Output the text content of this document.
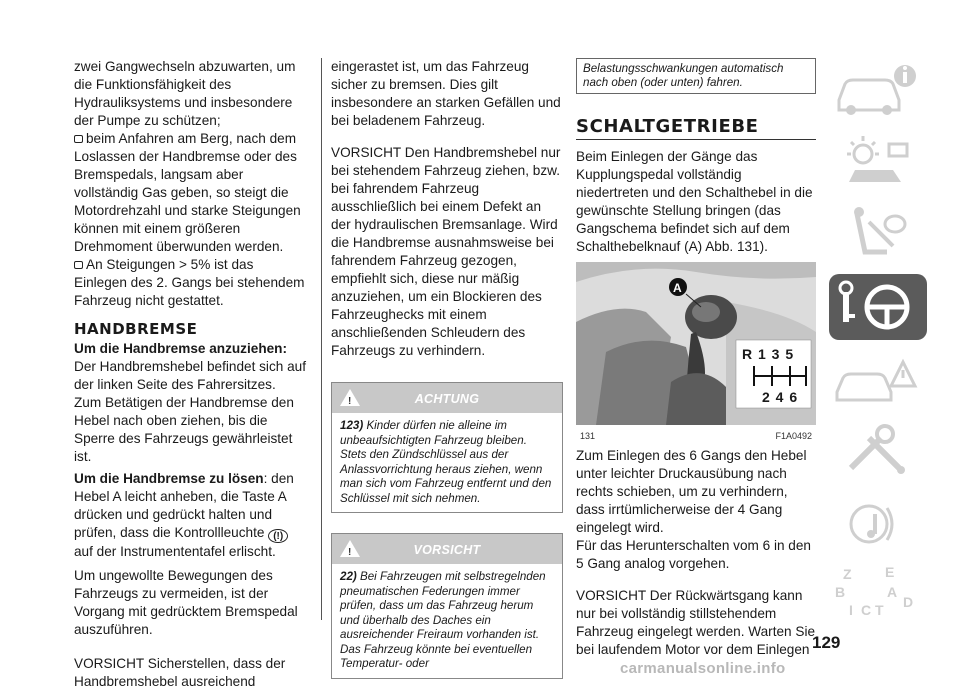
zwei Gangwechseln abzuwarten, um die Funktionsfähigkeit des Hydrauliksystems und insbesondere der Pumpe zu schützen;

beim Anfahren am Berg, nach dem Loslassen der Handbremse oder des Bremspedals, langsam aber vollständig Gas geben, so steigt die Motordrehzahl und starke Steigungen können mit einem größeren Drehmoment überwunden werden.

An Steigungen > 5% ist das Einlegen des 2. Gangs bei stehendem Fahrzeug nicht gestattet.

HANDBREMSE

Um die Handbremse anzuziehen:

Der Handbremshebel befindet sich auf der linken Seite des Fahrersitzes. Zum Betätigen der Handbremse den Hebel nach oben ziehen, bis die Sperre des Fahrzeugs gewährleistet ist.

Um die Handbremse zu lösen: den Hebel A leicht anheben, die Taste A drücken und gedrückt halten und prüfen, dass die Kontrollleuchte (!) auf der Instrumententafel erlischt.

Um ungewollte Bewegungen des Fahrzeugs zu vermeiden, ist der Vorgang mit gedrücktem Bremspedal auszuführen.

VORSICHT Sicherstellen, dass der Handbremshebel ausreichend

eingerastet ist, um das Fahrzeug sicher zu bremsen. Dies gilt insbesondere an starken Gefällen und bei beladenem Fahrzeug.

VORSICHT Den Handbremshebel nur bei stehendem Fahrzeug ziehen, bzw. bei fahrendem Fahrzeug ausschließlich bei einem Defekt an der hydraulischen Bremsanlage. Wird die Handbremse ausnahmsweise bei fahrendem Fahrzeug gezogen, empfiehlt sich, diese nur mäßig anzuziehen, um ein Blockieren des Fahrzeughecks mit einem anschließenden Schleudern des Fahrzeugs zu verhindern.

!	ACHTUNG
123) Kinder dürfen nie alleine im unbeaufsichtigten Fahrzeug bleiben. Stets den Zündschlüssel aus der Anlassvorrichtung heraus ziehen, wenn man sich vom Fahrzeug entfernt und den Schlüssel mit sich nehmen.
!	VORSICHT
22) Bei Fahrzeugen mit selbstregelnden pneumatischen Federungen immer prüfen, dass um das Fahrzeug herum und überhalb des Daches ein ausreichender Freiraum vorhanden ist. Das Fahrzeug könnte bei eventuellen Temperatur- oder
Belastungsschwankungen automatisch nach oben (oder unten) fahren.
SCHALTGETRIEBE

Beim Einlegen der Gänge das Kupplungspedal vollständig niedertreten und den Schalthebel in die gewünschte Stellung bringen (das Gangschema befindet sich auf dem Schalthebelknauf (A) Abb. 131).

A
R 1 3 5
2 4 6
131	F1A0492

Zum Einlegen des 6 Gangs den Hebel unter leichter Druckausübung nach rechts schieben, um zu verhindern, dass irrtümlicherweise der 4 Gang eingelegt wird.

Für das Herunterschalten vom 6 in den 5 Gang analog vorgehen.

VORSICHT Der Rückwärtsgang kann nur bei vollständig stillstehendem Fahrzeug eingelegt werden. Warten Sie bei laufendem Motor vor dem Einlegen 129
Z E
B	A
I C T D
carmanualsonline.info
